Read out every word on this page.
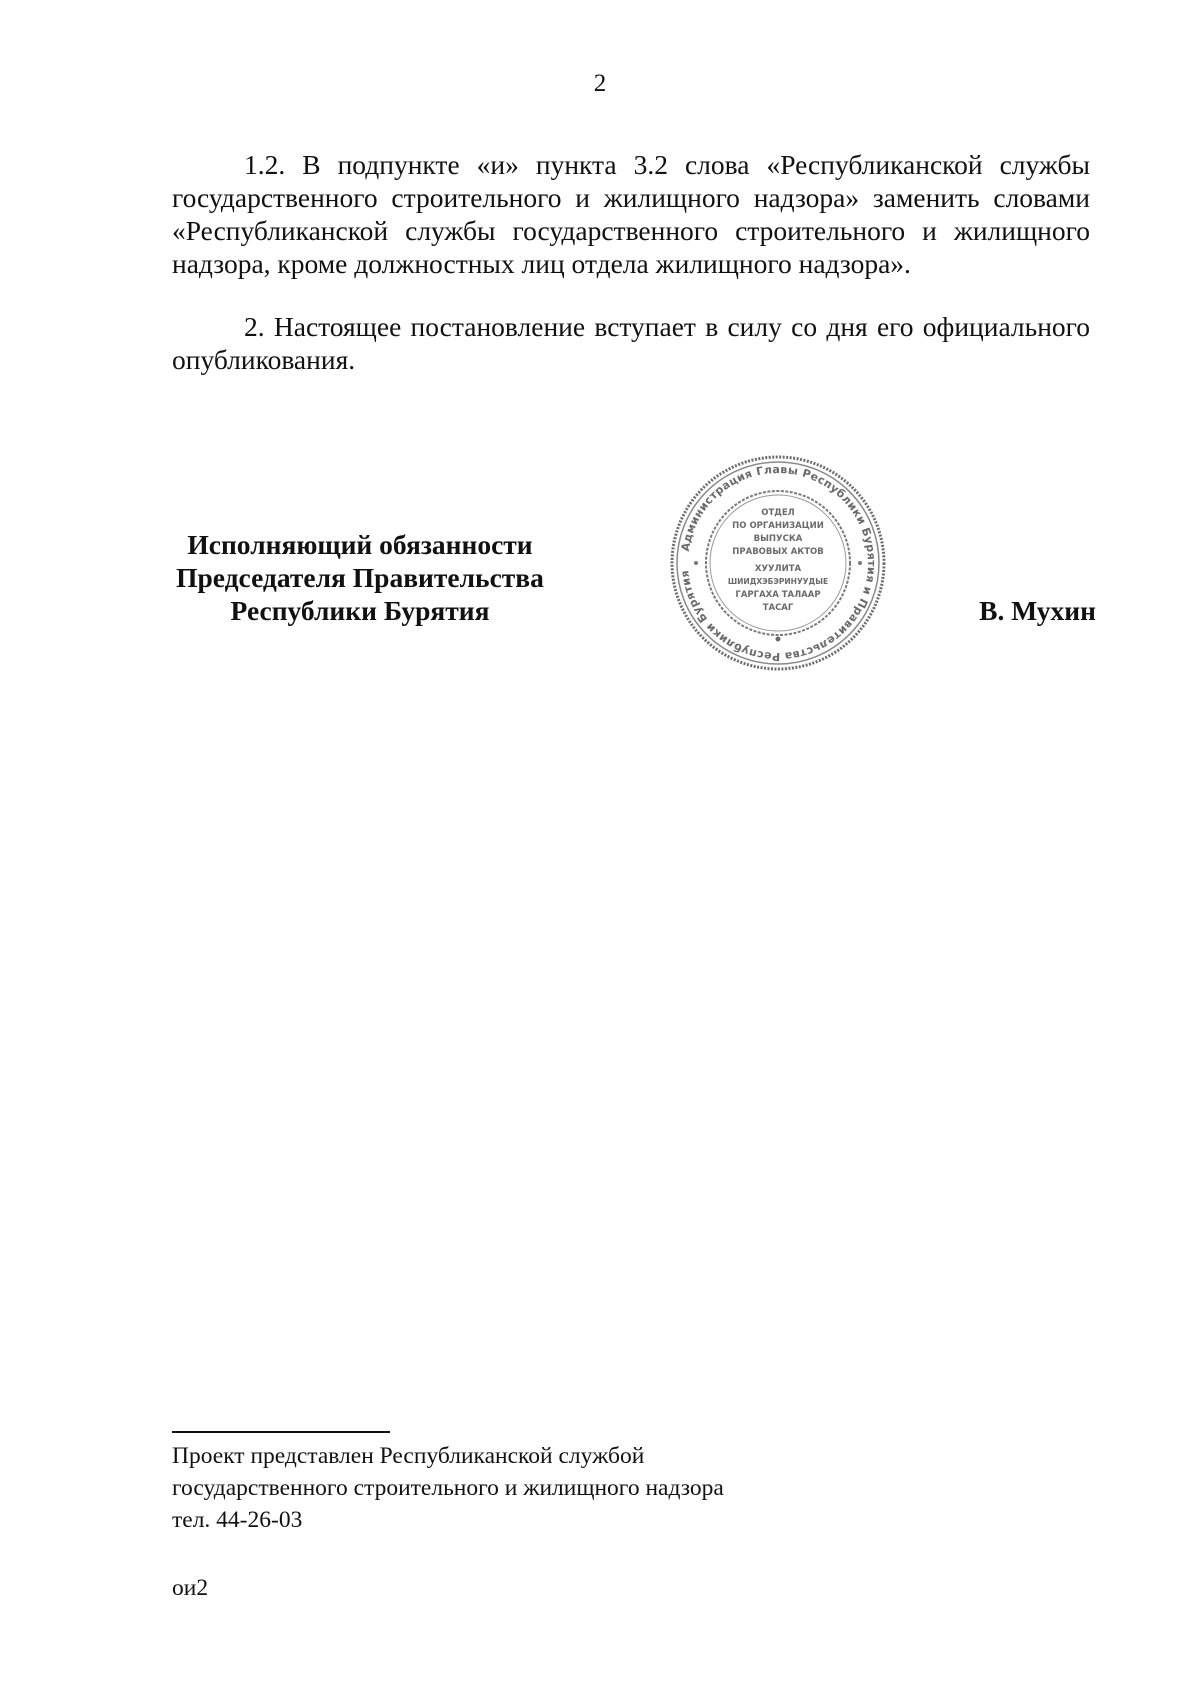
2

1.2. В подпункте «и» пункта 3.2 слова «Республиканской службы государственного строительного и жилищного надзора» заменить словами «Республиканской службы государственного строительного и жилищного надзора, кроме должностных лиц отдела жилищного надзора».

2. Настоящее постановление вступает в силу со дня его официального опубликования.

Исполняющий обязанности
Председателя Правительства
Республики Бурятия
Администрация Главы Республики Бурятия и Правительства Республики Бурятия
ОТДЕЛ
ПО ОРГАНИЗАЦИИ
ВЫПУСКА
ПРАВОВЫХ АКТОВ
ХУУЛИТА
ШИИДХЭБЭРИНУУДЫЕ
ГАРГАХА ТАЛААР
ТАСАГ	В. Мухин
Проект представлен Республиканской службой
государственного строительного и жилищного надзора
тел. 44-26-03
ои2
